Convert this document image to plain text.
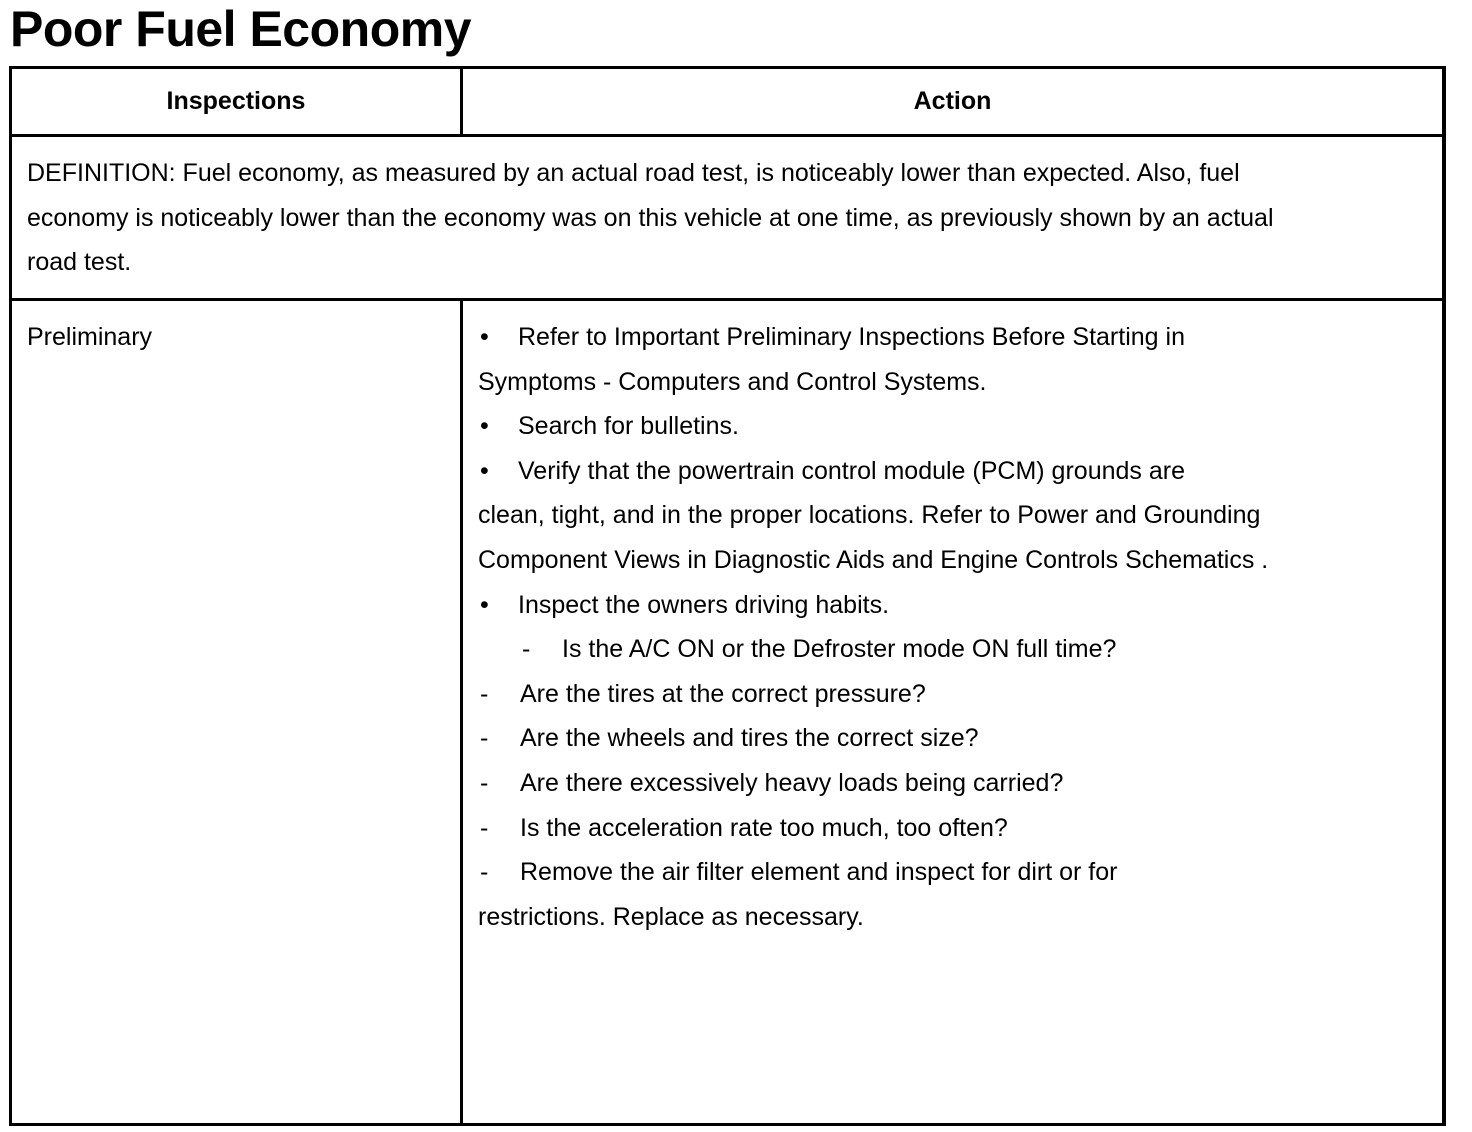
Poor Fuel Economy
Inspections	Action
DEFINITION: Fuel economy, as measured by an actual road test, is noticeably lower than expected. Also, fuel economy is noticeably lower than the economy was on this vehicle at one time, as previously shown by an actual road test.
Preliminary	• Refer to Important Preliminary Inspections Before Starting in
Symptoms - Computers and Control Systems.
• Search for bulletins.
• Verify that the powertrain control module (PCM) grounds are
clean, tight, and in the proper locations. Refer to Power and Grounding
Component Views in Diagnostic Aids and Engine Controls Schematics .
• Inspect the owners driving habits.
- Is the A/C ON or the Defroster mode ON full time?
- Are the tires at the correct pressure?
- Are the wheels and tires the correct size?
- Are there excessively heavy loads being carried?
- Is the acceleration rate too much, too often?
- Remove the air filter element and inspect for dirt or for
restrictions. Replace as necessary.
